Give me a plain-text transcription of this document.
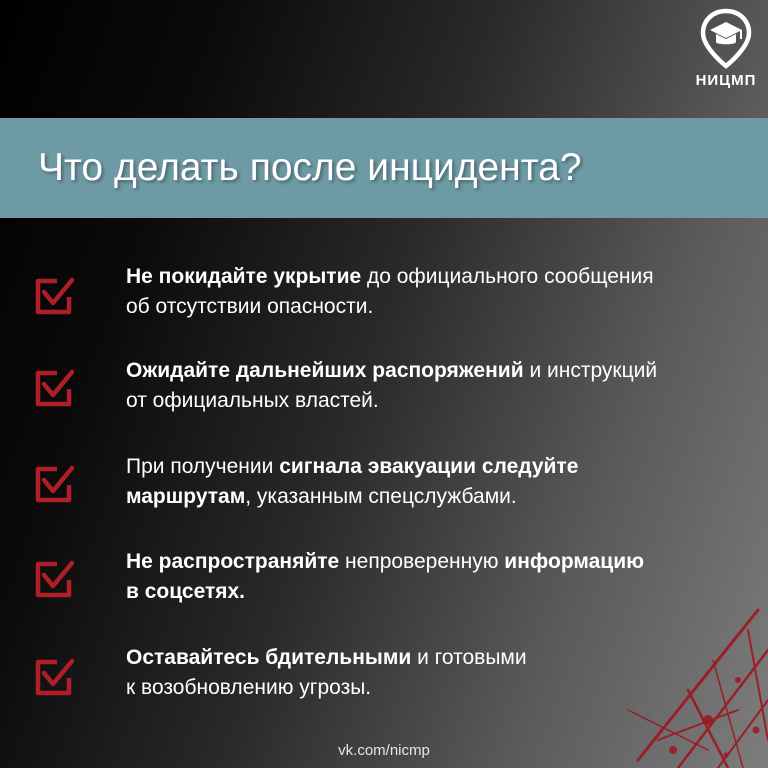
НИЦМП
Что делать после инцидента?
Не покидайте укрытие до официального сообщения
об отсутствии опасности.
Ожидайте дальнейших распоряжений и инструкций
от официальных властей.
При получении сигнала эвакуации следуйте
маршрутам, указанным спецслужбами.
Не распространяйте непроверенную информацию
в соцсетях.
Оставайтесь бдительными и готовыми
к возобновлению угрозы.
vk.com/nicmp
